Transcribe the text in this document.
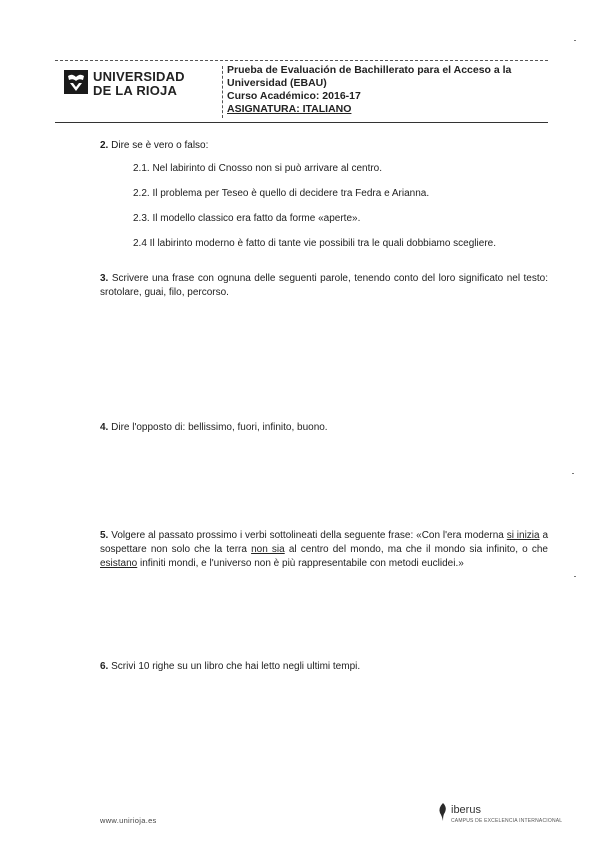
UNIVERSIDAD
DE LA RIOJA
Prueba de Evaluación de Bachillerato para el Acceso a la
Universidad (EBAU)
Curso Académico: 2016-17
ASIGNATURA: ITALIANO
2. Dire se è vero o falso:
2.1. Nel labirinto di Cnosso non si può arrivare al centro.
2.2. Il problema per Teseo è quello di decidere tra Fedra e Arianna.
2.3. Il modello classico era fatto da forme «aperte».
2.4 Il labirinto moderno è fatto di tante vie possibili tra le quali dobbiamo scegliere.
3. Scrivere una frase con ognuna delle seguenti parole, tenendo conto del loro significato nel testo: srotolare, guai, filo, percorso.
4. Dire l'opposto di: bellissimo, fuori, infinito, buono.
5. Volgere al passato prossimo i verbi sottolineati della seguente frase: «Con l'era moderna si inizia a sospettare non solo che la terra non sia al centro del mondo, ma che il mondo sia infinito, o che esistano infiniti mondi, e l'universo non è più rappresentabile con metodi euclidei.»
6. Scrivi 10 righe su un libro che hai letto negli ultimi tempi.
www.unirioja.es
iberus
CAMPUS DE EXCELENCIA INTERNACIONAL
